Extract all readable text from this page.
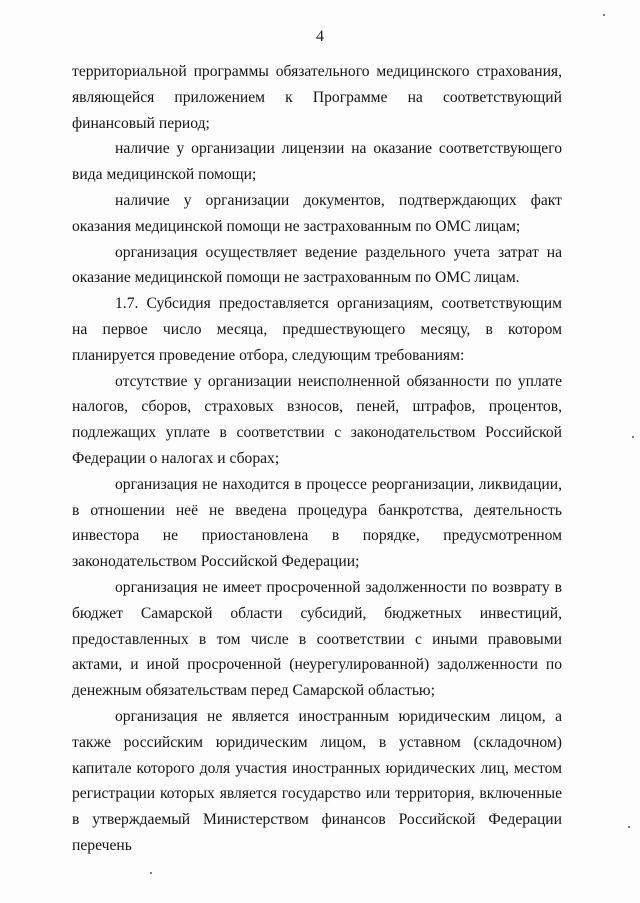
4

территориальной программы обязательного медицинского страхования, являющейся приложением к Программе на соответствующий финансовый период;

наличие у организации лицензии на оказание соответствующего вида медицинской помощи;

наличие у организации документов, подтверждающих факт оказания медицинской помощи не застрахованным по ОМС лицам;

организация осуществляет ведение раздельного учета затрат на оказание медицинской помощи не застрахованным по ОМС лицам.

1.7. Субсидия предоставляется организациям, соответствующим на первое число месяца, предшествующего месяцу, в котором планируется проведение отбора, следующим требованиям:

отсутствие у организации неисполненной обязанности по уплате налогов, сборов, страховых взносов, пеней, штрафов, процентов, подлежащих уплате в соответствии с законодательством Российской Федерации о налогах и сборах;

организация не находится в процессе реорганизации, ликвидации, в отношении неё не введена процедура банкротства, деятельность инвестора не приостановлена в порядке, предусмотренном законодательством Российской Федерации;

организация не имеет просроченной задолженности по возврату в бюджет Самарской области субсидий, бюджетных инвестиций, предоставленных в том числе в соответствии с иными правовыми актами, и иной просроченной (неурегулированной) задолженности по денежным обязательствам перед Самарской областью;

организация не является иностранным юридическим лицом, а также российским юридическим лицом, в уставном (складочном) капитале которого доля участия иностранных юридических лиц, местом регистрации которых является государство или территория, включенные в утверждаемый Министерством финансов Российской Федерации перечень
